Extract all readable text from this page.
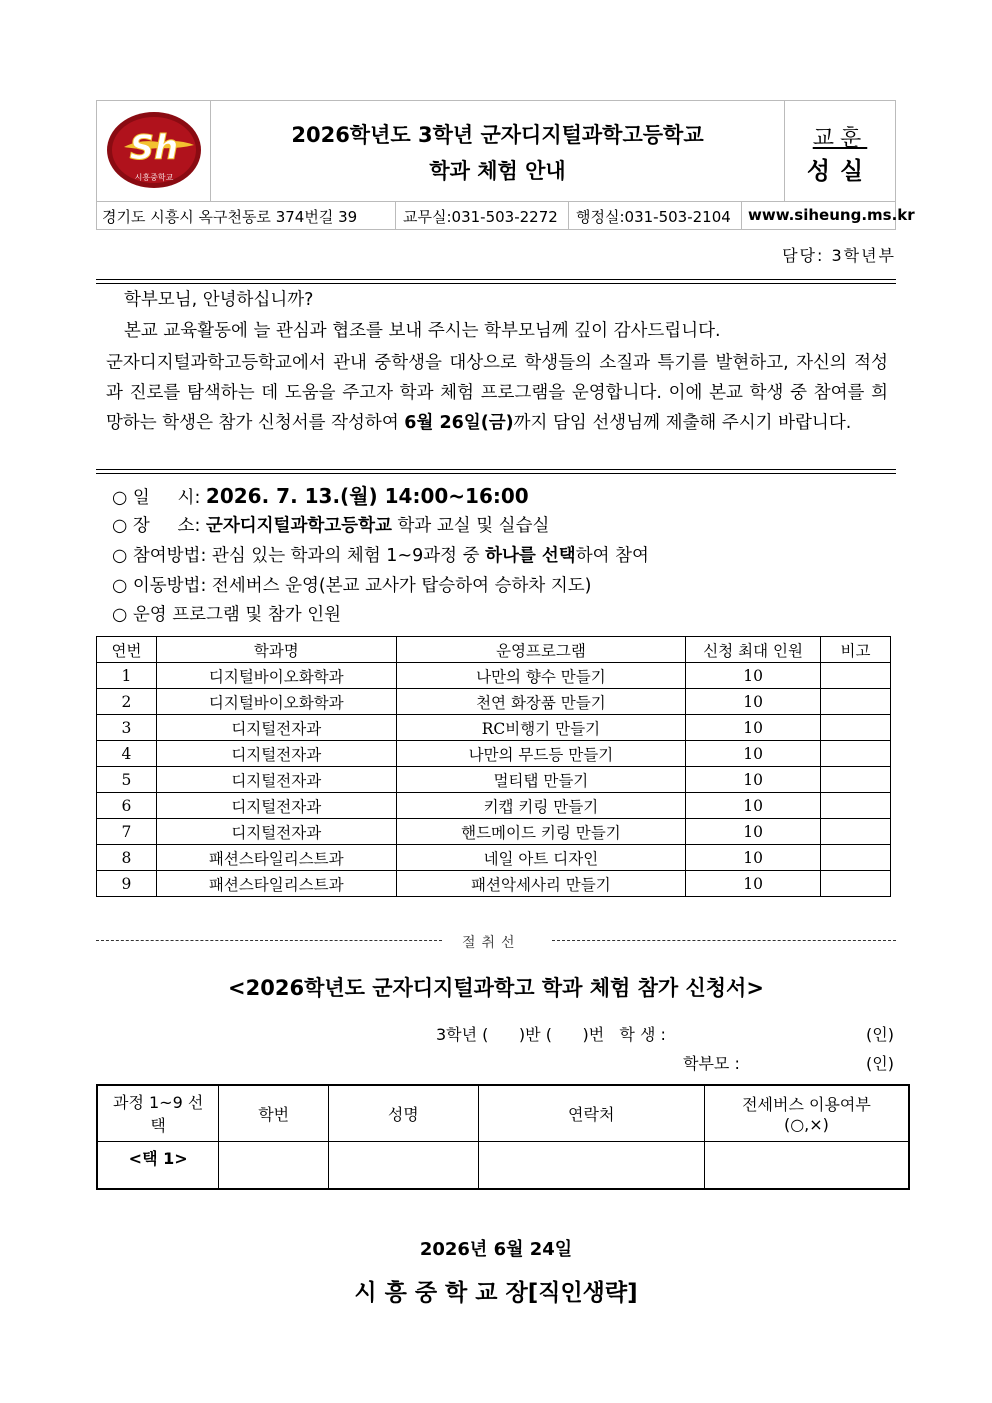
Sh
시흥중학교
2026학년도 3학년 군자디지털과학고등학교
학과 체험 안내
교훈
성실
경기도 시흥시 옥구천동로 374번길 39	교무실:031-503-2272 행정실:031-503-2104 www.siheung.ms.kr
담당: 3학년부
학부모님, 안녕하십니까?
본교 교육활동에 늘 관심과 협조를 보내 주시는 학부모님께 깊이 감사드립니다.
군자디지털과학고등학교에서 관내 중학생을 대상으로 학생들의 소질과 특기를 발현하고, 자신의 적성과 진로를 탐색하는 데 도움을 주고자 학과 체험 프로그램을 운영합니다. 이에 본교 학생 중 참여를 희망하는 학생은 참가 신청서를 작성하여 6월 26일(금)까지 담임 선생님께 제출해 주시기 바랍니다.
○ 일     시: 2026. 7. 13.(월) 14:00~16:00
○ 장     소: 군자디지털과학고등학교 학과 교실 및 실습실
○ 참여방법: 관심 있는 학과의 체험 1~9과정 중 하나를 선택하여 참여
○ 이동방법: 전세버스 운영(본교 교사가 탑승하여 승하차 지도)
○ 운영 프로그램 및 참가 인원
연번	학과명	운영프로그램	신청 최대 인원	비고
1	디지털바이오화학과	나만의 향수 만들기	10	
2	디지털바이오화학과	천연 화장품 만들기	10	
3	디지털전자과	RC비행기 만들기	10	
4	디지털전자과	나만의 무드등 만들기	10	
5	디지털전자과	멀티탭 만들기	10	
6	디지털전자과	키캡 키링 만들기	10	
7	디지털전자과	핸드메이드 키링 만들기	10	
8	패션스타일리스트과	네일 아트 디자인	10	
9	패션스타일리스트과	패션악세사리 만들기	10	
절취선
<2026학년도 군자디지털과학고 학과 체험 참가 신청서>
3학년 (      )반 (      )번   학 생 :	(인)
학부모 :	(인)
과정 1~9 선택	학번	성명	연락처	전세버스 이용여부 (○,×)
<택 1>				
2026년 6월 24일
시 흥 중 학 교 장[직인생략]
